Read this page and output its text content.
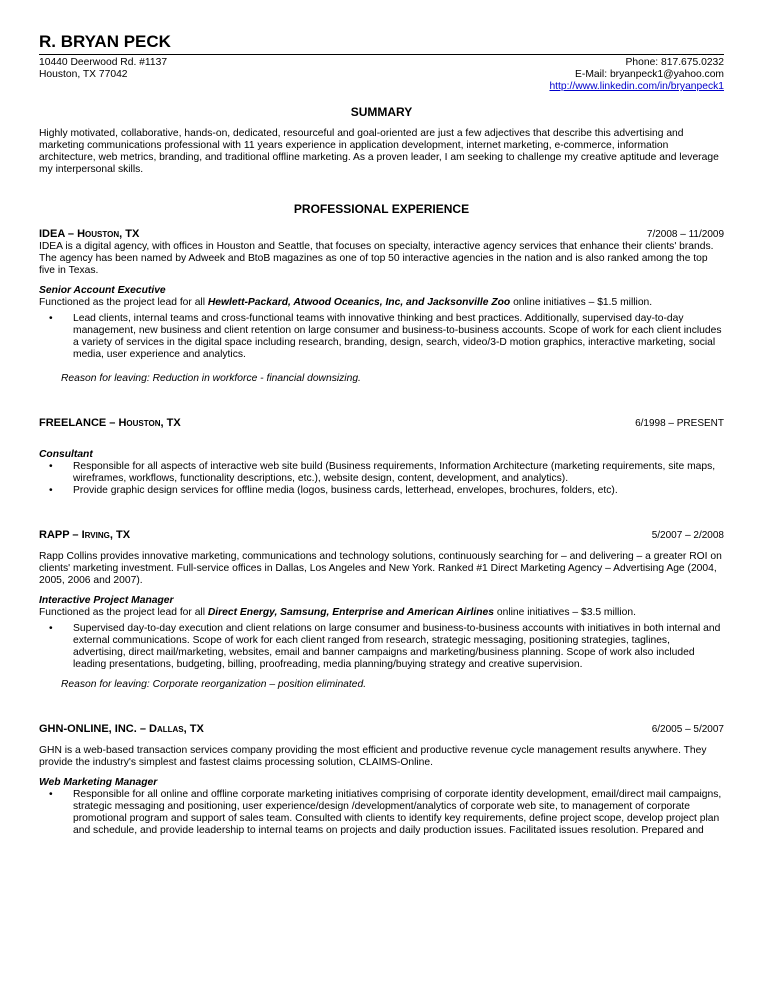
R. BRYAN PECK
10440 Deerwood Rd. #1137
Houston, TX 77042
Phone: 817.675.0232
E-Mail: bryanpeck1@yahoo.com
http://www.linkedin.com/in/bryanpeck1
SUMMARY

Highly motivated, collaborative, hands-on, dedicated, resourceful and goal-oriented are just a few adjectives that describe this advertising and marketing communications professional with 11 years experience in application development, internet marketing, e-commerce, information architecture, web metrics, branding, and traditional offline marketing. As a proven leader, I am seeking to challenge my creative aptitude and leverage my interpersonal skills.

PROFESSIONAL EXPERIENCE
IDEA – Houston, TX	7/2008 – 11/2009

IDEA is a digital agency, with offices in Houston and Seattle, that focuses on specialty, interactive agency services that enhance their clients' brands. The agency has been named by Adweek and BtoB magazines as one of top 50 interactive agencies in the nation and is also ranked among the top five in Texas.

Senior Account Executive

Functioned as the project lead for all Hewlett-Packard, Atwood Oceanics, Inc, and Jacksonville Zoo online initiatives – $1.5 million.

• Lead clients, internal teams and cross-functional teams with innovative thinking and best practices. Additionally, supervised day-to-day management, new business and client retention on large consumer and business-to-business accounts. Scope of work for each client includes a variety of services in the digital space including research, branding, design, search, video/3-D motion graphics, interactive marketing, social media, user experience and analytics.
Reason for leaving: Reduction in workforce - financial downsizing.
FREELANCE – Houston, TX	6/1998 – PRESENT
Consultant
• Responsible for all aspects of interactive web site build (Business requirements, Information Architecture (marketing requirements, site maps, wireframes, workflows, functionality descriptions, etc.), website design, content, development, and analytics).
• Provide graphic design services for offline media (logos, business cards, letterhead, envelopes, brochures, folders, etc).
RAPP – Irving, TX	5/2007 – 2/2008

Rapp Collins provides innovative marketing, communications and technology solutions, continuously searching for – and delivering – a greater ROI on clients' marketing investment. Full-service offices in Dallas, Los Angeles and New York. Ranked #1 Direct Marketing Agency – Advertising Age (2004, 2005, 2006 and 2007).

Interactive Project Manager

Functioned as the project lead for all Direct Energy, Samsung, Enterprise and American Airlines online initiatives – $3.5 million.

• Supervised day-to-day execution and client relations on large consumer and business-to-business accounts with initiatives in both internal and external communications. Scope of work for each client ranged from research, strategic messaging, positioning strategies, taglines, advertising, direct mail/marketing, websites, email and banner campaigns and marketing/business planning. Scope of work also included leading presentations, budgeting, billing, proofreading, media planning/buying strategy and creative supervision.
Reason for leaving: Corporate reorganization – position eliminated.
GHN-ONLINE, INC. – Dallas, TX	6/2005 – 5/2007

GHN is a web-based transaction services company providing the most efficient and productive revenue cycle management results anywhere. They provide the industry's simplest and fastest claims processing solution, CLAIMS-Online.

Web Marketing Manager
• Responsible for all online and offline corporate marketing initiatives comprising of corporate identity development, email/direct mail campaigns, strategic messaging and positioning, user experience/design /development/analytics of corporate web site, to management of corporate promotional program and support of sales team. Consulted with clients to identify key requirements, define project scope, develop project plan and schedule, and provide leadership to internal teams on projects and daily production issues. Facilitated issues resolution. Prepared and
